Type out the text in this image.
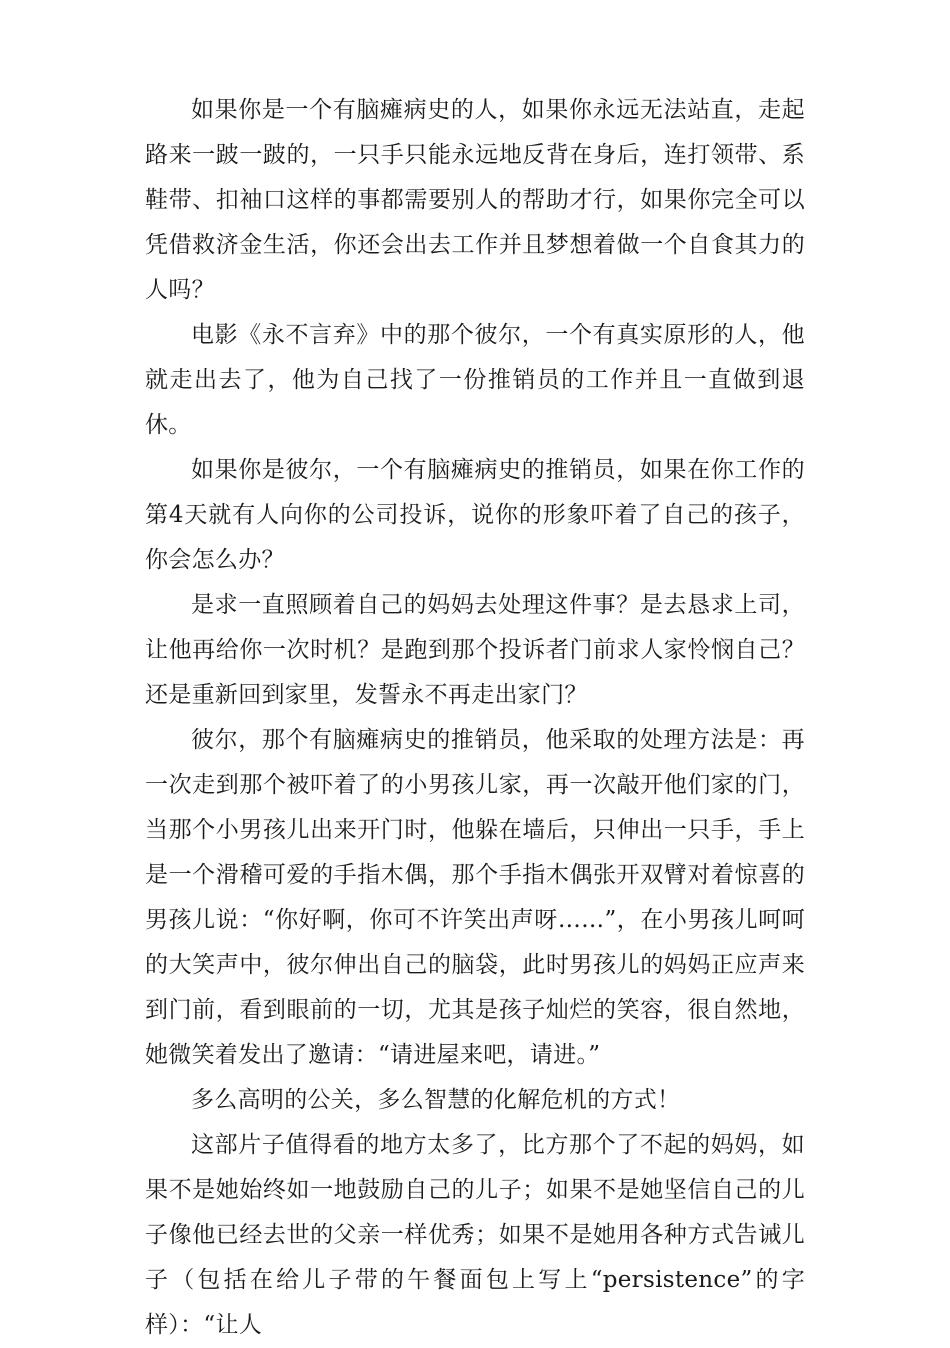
如果你是一个有脑瘫病史的人，如果你永远无法站直，走起路来一跛一跛的，一只手只能永远地反背在身后，连打领带、系鞋带、扣袖口这样的事都需要别人的帮助才行，如果你完全可以凭借救济金生活，你还会出去工作并且梦想着做一个自食其力的人吗？

电影《永不言弃》中的那个彼尔，一个有真实原形的人，他就走出去了，他为自己找了一份推销员的工作并且一直做到退休。

如果你是彼尔，一个有脑瘫病史的推销员，如果在你工作的第4天就有人向你的公司投诉，说你的形象吓着了自己的孩子，你会怎么办？

是求一直照顾着自己的妈妈去处理这件事？是去恳求上司，让他再给你一次时机？是跑到那个投诉者门前求人家怜悯自己？还是重新回到家里，发誓永不再走出家门？

彼尔，那个有脑瘫病史的推销员，他采取的处理方法是：再一次走到那个被吓着了的小男孩儿家，再一次敲开他们家的门，当那个小男孩儿出来开门时，他躲在墙后，只伸出一只手，手上是一个滑稽可爱的手指木偶，那个手指木偶张开双臂对着惊喜的男孩儿说：“你好啊，你可不许笑出声呀……”，在小男孩儿呵呵的大笑声中，彼尔伸出自己的脑袋，此时男孩儿的妈妈正应声来到门前，看到眼前的一切，尤其是孩子灿烂的笑容，很自然地，她微笑着发出了邀请：“请进屋来吧，请进。”

多么高明的公关，多么智慧的化解危机的方式！

这部片子值得看的地方太多了，比方那个了不起的妈妈，如果不是她始终如一地鼓励自己的儿子；如果不是她坚信自己的儿子像他已经去世的父亲一样优秀；如果不是她用各种方式告诫儿子（包括在给儿子带的午餐面包上写上“persistence”的字样）：“让人
